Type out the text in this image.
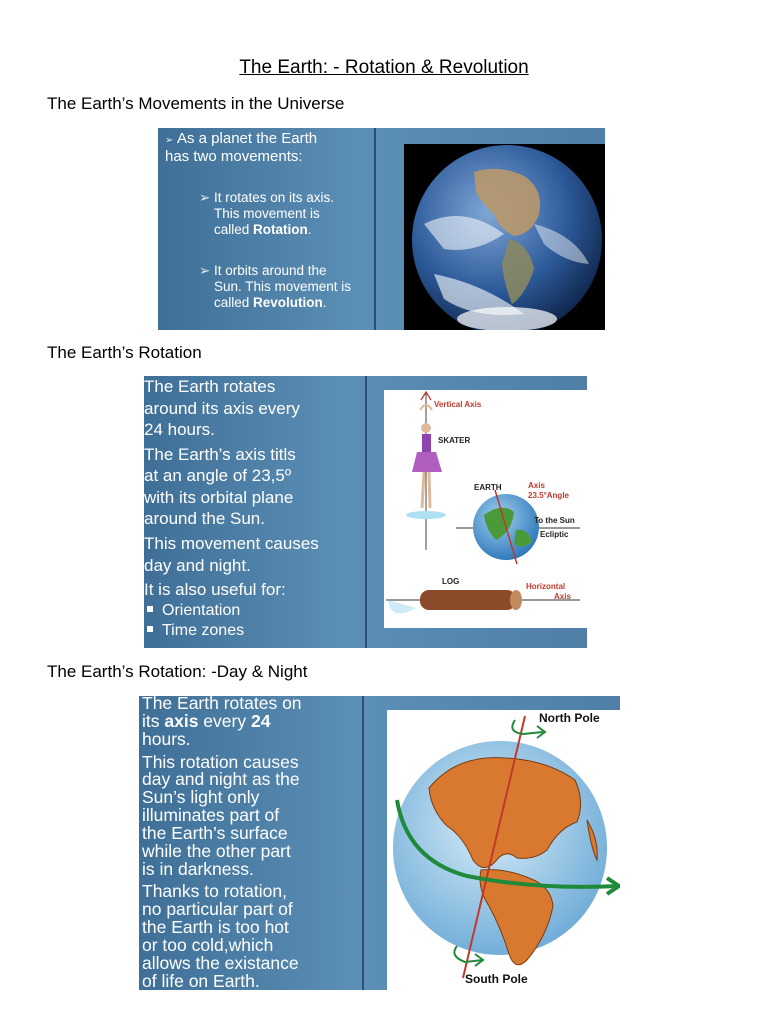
The Earth: - Rotation & Revolution
The Earth’s Movements in the Universe
➢ As a planet the Earth
has two movements:
➢ It rotates on its axis.
This movement is
called Rotation.
➢ It orbits around the
Sun. This movement is
called Revolution.
The Earth’s Rotation
The Earth rotates
around its axis every
24 hours.
The Earth’s axis titls
at an angle of 23,5º
with its orbital plane
around the Sun.
This movement causes
day and night.
It is also useful for:
Orientation
Time zones
Vertical Axis
SKATER
EARTH	Axis
23.5°Angle
To the Sun
Ecliptic
LOG
Horizontal
Axis
The Earth’s Rotation: -Day & Night
The Earth rotates on
its axis every 24
hours.
This rotation causes
day and night as the
Sun’s light only
illuminates part of
the Earth’s surface
while the other part
is in darkness.
Thanks to rotation,
no particular part of
the Earth is too hot
or too cold,which
allows the existance
of life on Earth.
North Pole
South Pole
